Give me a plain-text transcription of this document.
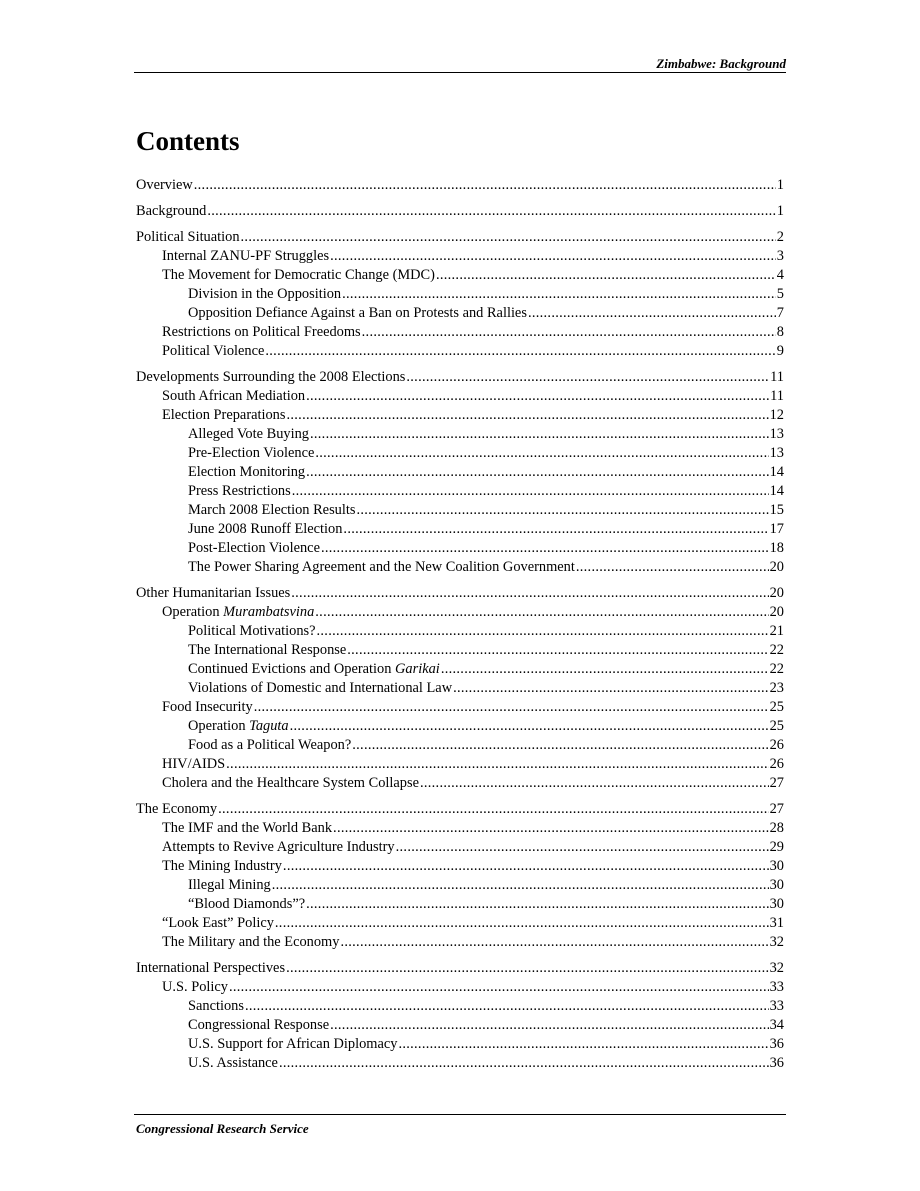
Zimbabwe: Background
Contents
Overview .....	1
Background .....	1
Political Situation .....	2
Internal ZANU-PF Struggles .....	3
The Movement for Democratic Change (MDC) .....	4
Division in the Opposition .....	5
Opposition Defiance Against a Ban on Protests and Rallies .....	7
Restrictions on Political Freedoms .....	8
Political Violence .....	9
Developments Surrounding the 2008 Elections .....	11
South African Mediation .....	11
Election Preparations .....	12
Alleged Vote Buying .....	13
Pre-Election Violence .....	13
Election Monitoring .....	14
Press Restrictions .....	14
March 2008 Election Results .....	15
June 2008 Runoff Election .....	17
Post-Election Violence .....	18
The Power Sharing Agreement and the New Coalition Government .....	20
Other Humanitarian Issues .....	20
Operation Murambatsvina .....	20
Political Motivations? .....	21
The International Response .....	22
Continued Evictions and Operation Garikai .....	22
Violations of Domestic and International Law .....	23
Food Insecurity .....	25
Operation Taguta .....	25
Food as a Political Weapon? .....	26
HIV/AIDS .....	26
Cholera and the Healthcare System Collapse .....	27
The Economy .....	27
The IMF and the World Bank .....	28
Attempts to Revive Agriculture Industry .....	29
The Mining Industry .....	30
Illegal Mining .....	30
“Blood Diamonds”? .....	30
“Look East” Policy .....	31
The Military and the Economy .....	32
International Perspectives .....	32
U.S. Policy .....	33
Sanctions .....	33
Congressional Response .....	34
U.S. Support for African Diplomacy .....	36
U.S. Assistance .....	36
Congressional Research Service
